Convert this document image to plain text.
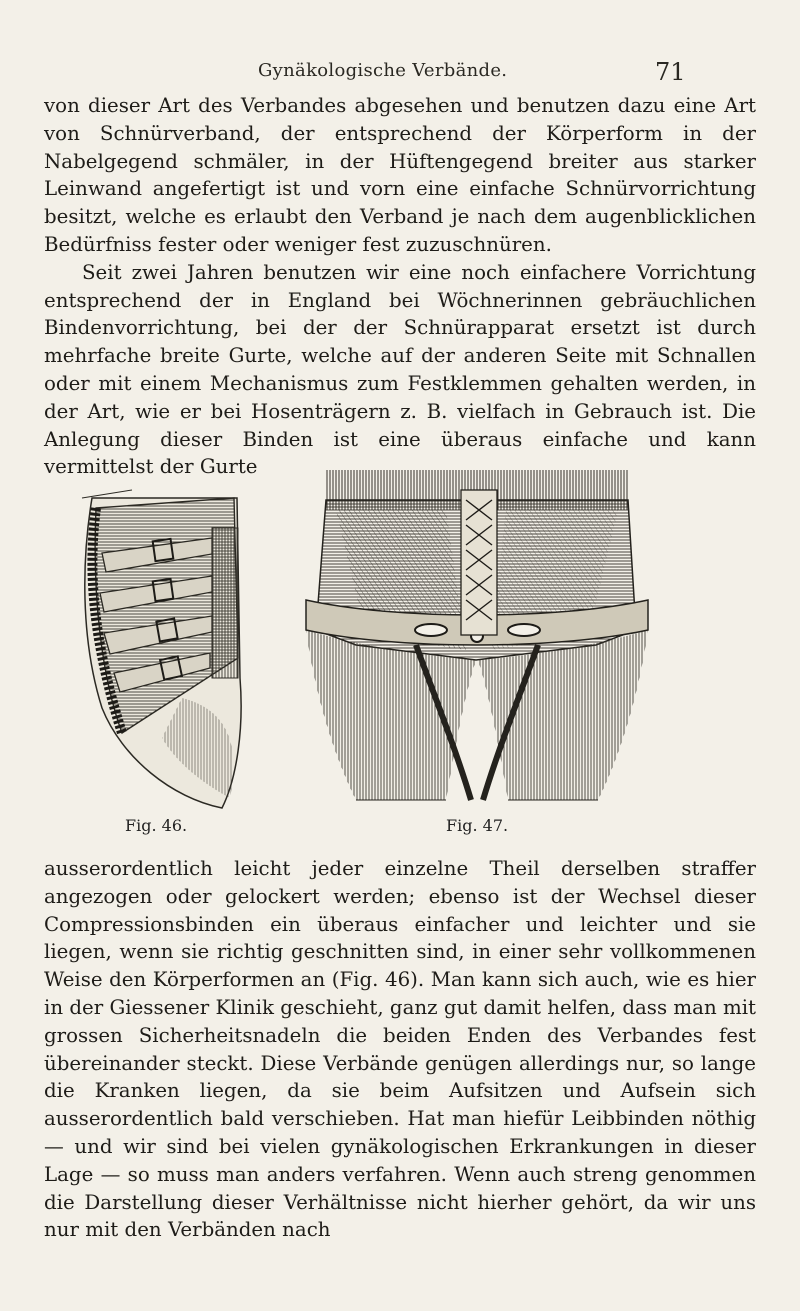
Gynäkologische Verbände.	71

von dieser Art des Verbandes abgesehen und benutzen dazu eine Art von Schnürverband, der entsprechend der Körperform in der Nabelgegend schmäler, in der Hüftengegend breiter aus starker Leinwand angefertigt ist und vorn eine einfache Schnürvorrichtung besitzt, welche es erlaubt den Verband je nach dem augenblicklichen Bedürfniss fester oder weniger fest zuzuschnüren.

Seit zwei Jahren benutzen wir eine noch einfachere Vorrichtung entsprechend der in England bei Wöchnerinnen gebräuchlichen Bindenvorrichtung, bei der der Schnürapparat ersetzt ist durch mehrfache breite Gurte, welche auf der anderen Seite mit Schnallen oder mit einem Mechanismus zum Festklemmen gehalten werden, in der Art, wie er bei Hosenträgern z. B. vielfach in Gebrauch ist. Die Anlegung dieser Binden ist eine überaus einfache und kann vermittelst der Gurte

Fig. 46.	Fig. 47.

ausserordentlich leicht jeder einzelne Theil derselben straffer angezogen oder gelockert werden; ebenso ist der Wechsel dieser Compressionsbinden ein überaus einfacher und leichter und sie liegen, wenn sie richtig geschnitten sind, in einer sehr vollkommenen Weise den Körperformen an (Fig. 46). Man kann sich auch, wie es hier in der Giessener Klinik geschieht, ganz gut damit helfen, dass man mit grossen Sicherheitsnadeln die beiden Enden des Verbandes fest übereinander steckt. Diese Verbände genügen allerdings nur, so lange die Kranken liegen, da sie beim Aufsitzen und Aufsein sich ausserordentlich bald verschieben. Hat man hiefür Leibbinden nöthig — und wir sind bei vielen gynäkologischen Erkrankungen in dieser Lage — so muss man anders verfahren. Wenn auch streng genommen die Darstellung dieser Verhältnisse nicht hierher gehört, da wir uns nur mit den Verbänden nach
